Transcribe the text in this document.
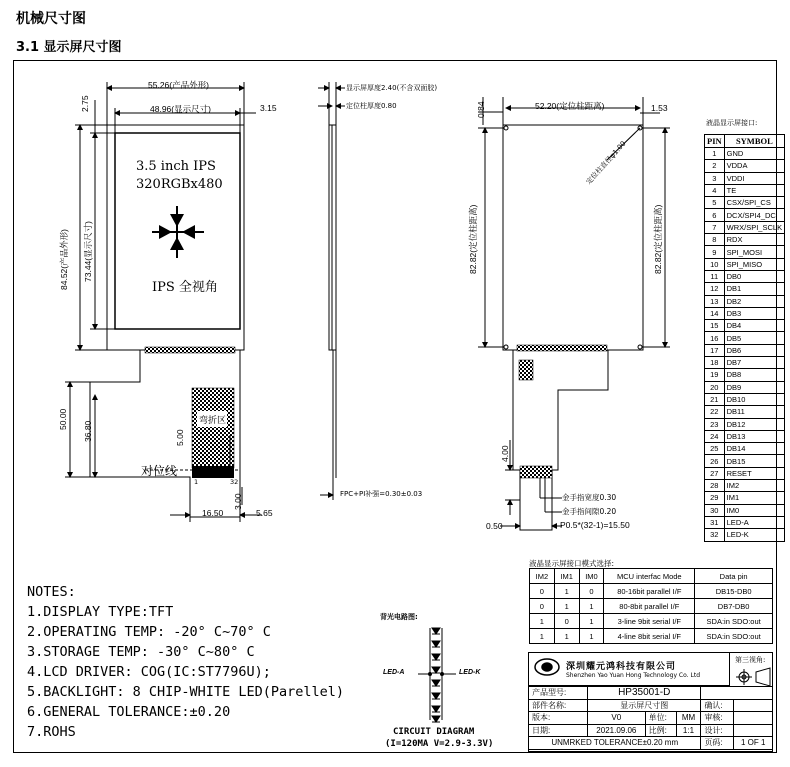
机械尺寸图
3.1 显示屏尺寸图
55.26(产品外形)
48.96(显示尺寸)	3.15
2.75
84.52(产品外形) 73.44(显示尺寸)
50.00
36.80	5.00
3.00
32
1
16.50	5.65
3.5 inch IPS
320RGBx480
IPS 全视角
弯折区
对位线
显示屏厚度2.40(不含双面胶)
定位柱厚度0.80
FPC+PI补强=0.30±0.03
0.84	52.20(定位柱距离)	1.53
定位柱直径φ1.00
82.82(定位柱距离)	82.82(定位柱距离)
4.00
金手指宽度0.30
金手指间隙0.20
P0.5*(32-1)=15.50
0.50
液晶显示屏接口:
PIN	SYMBOL
1	GND
2	VDDA
3	VDDI
4	TE
5	CSX/SPI_CS
6	DCX/SPI4_DC
7	WRX/SPI_SCLK
8	RDX
9	SPI_MOSI
10	SPI_MISO
11	DB0
12	DB1
13	DB2
14	DB3
15	DB4
16	DB5
17	DB6
18	DB7
19	DB8
20	DB9
21	DB10
22	DB11
23	DB12
24	DB13
25	DB14
26	DB15
27	RESET
28	IM2
29	IM1
30	IM0
31	LED-A
32	LED-K
液晶显示屏接口模式选择:
IM2	IM1	IM0	MCU interfac Mode	Data pin
0	1	0	80-16bit parallel I/F	DB15-DB0
0	1	1	80-8bit parallel I/F	DB7-DB0
1	0	1	3-line 9bit serial I/F	SDA:in SDO:out
1	1	1	4-line 8bit serial I/F	SDA:in SDO:out
NOTES:
1.DISPLAY TYPE:TFT
2.OPERATING TEMP: -20° C~70° C
3.STORAGE TEMP: -30° C~80° C
4.LCD DRIVER: COG(IC:ST7796U);
5.BACKLIGHT: 8 CHIP-WHITE LED(Parellel)
6.GENERAL TOLERANCE:±0.20
7.ROHS
背光电路图:
LED-A	LED-K
CIRCUIT DIAGRAM
(I=120MA V=2.9-3.3V)
深圳耀元鸿科技有限公司
Shenzhen Yao Yuan Hong Technology Co. Ltd
第三视角:
产品型号:	HP35001-D				
部件名称:	显示屏尺寸图			确认:	
版本:	V0	单位:	MM	审核:	
日期:	2021.09.06	比例:	1:1	设计:	
UNMRKED TOLERANCE±0.20 mm				页码:	1 OF 1
